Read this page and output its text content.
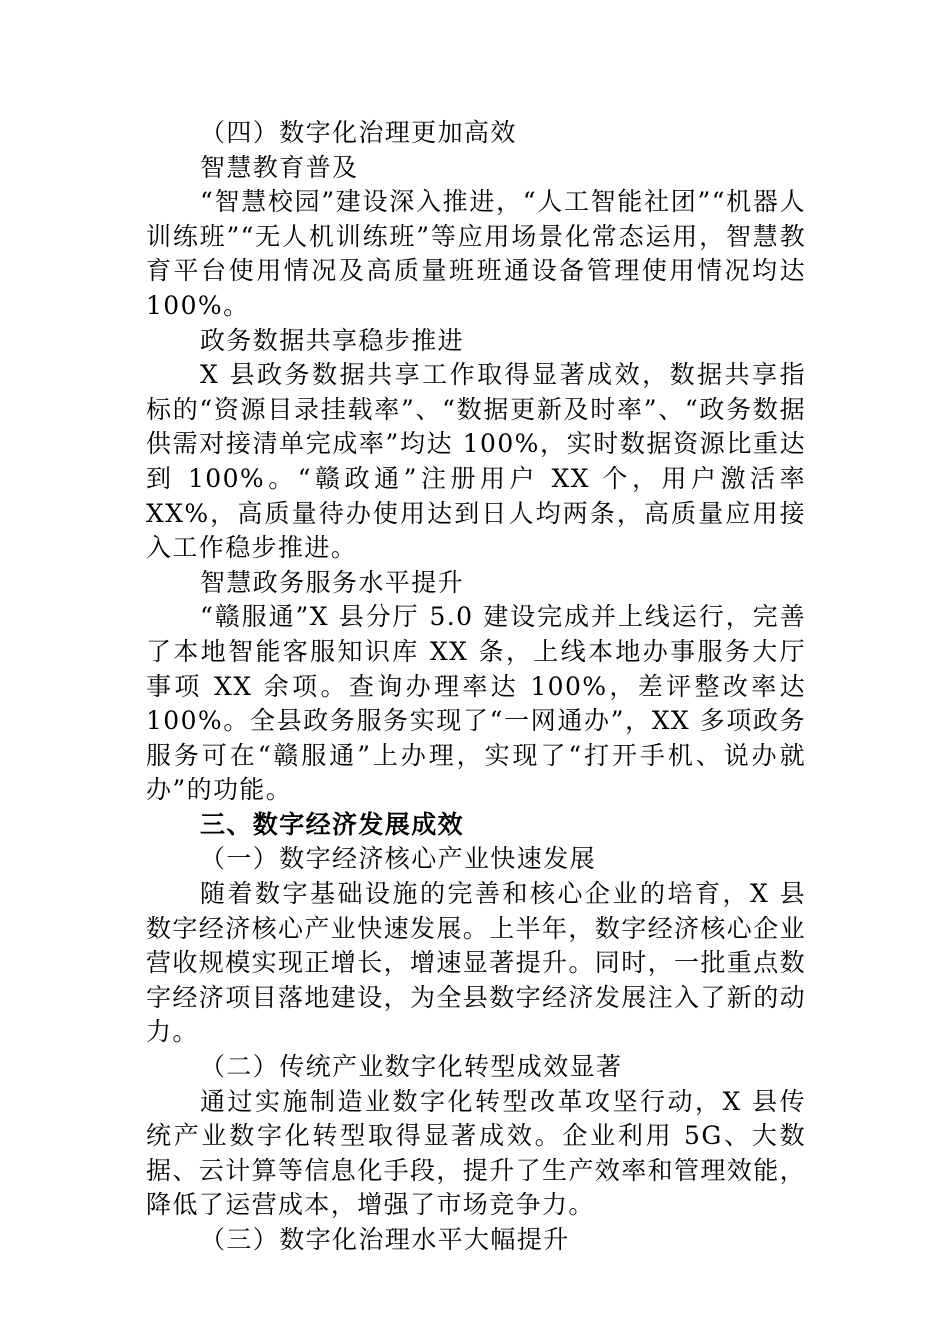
（四）数字化治理更加高效

智慧教育普及

“智慧校园”建设深入推进，“人工智能社团”“机器人训练班”“无人机训练班”等应用场景化常态运用，智慧教育平台使用情况及高质量班班通设备管理使用情况均达 100%。

政务数据共享稳步推进

X 县政务数据共享工作取得显著成效，数据共享指标的“资源目录挂载率”、“数据更新及时率”、“政务数据供需对接清单完成率”均达 100%，实时数据资源比重达到 100%。“赣政通”注册用户 XX 个，用户激活率 XX%，高质量待办使用达到日人均两条，高质量应用接入工作稳步推进。

智慧政务服务水平提升

“赣服通”X 县分厅 5.0 建设完成并上线运行，完善了本地智能客服知识库 XX 条，上线本地办事服务大厅事项 XX 余项。查询办理率达 100%，差评整改率达 100%。全县政务服务实现了“一网通办”，XX 多项政务服务可在“赣服通”上办理，实现了“打开手机、说办就办”的功能。

三、数字经济发展成效

（一）数字经济核心产业快速发展

随着数字基础设施的完善和核心企业的培育，X 县数字经济核心产业快速发展。上半年，数字经济核心企业营收规模实现正增长，增速显著提升。同时，一批重点数字经济项目落地建设，为全县数字经济发展注入了新的动力。

（二）传统产业数字化转型成效显著

通过实施制造业数字化转型改革攻坚行动，X 县传统产业数字化转型取得显著成效。企业利用 5G、大数据、云计算等信息化手段，提升了生产效率和管理效能，降低了运营成本，增强了市场竞争力。

（三）数字化治理水平大幅提升
